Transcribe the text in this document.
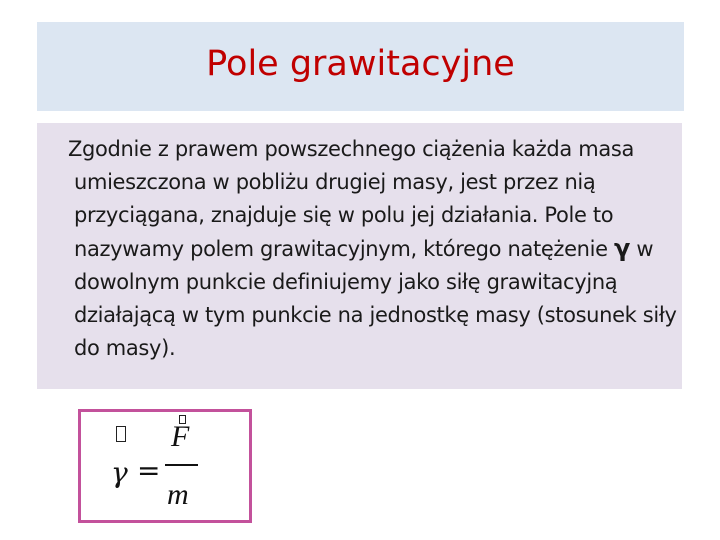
Pole grawitacyjne

Zgodnie z prawem powszechnego ciążenia każda masa umieszczona w pobliżu drugiej masy, jest przez nią przyciągana, znajduje się w polu jej działania. Pole to nazywamy polem grawitacyjnym, którego natężenie γ w dowolnym punkcie definiujemy jako siłę grawitacyjną działającą w tym punkcie na jednostkę masy (stosunek siły do masy).

γ =
F
m
